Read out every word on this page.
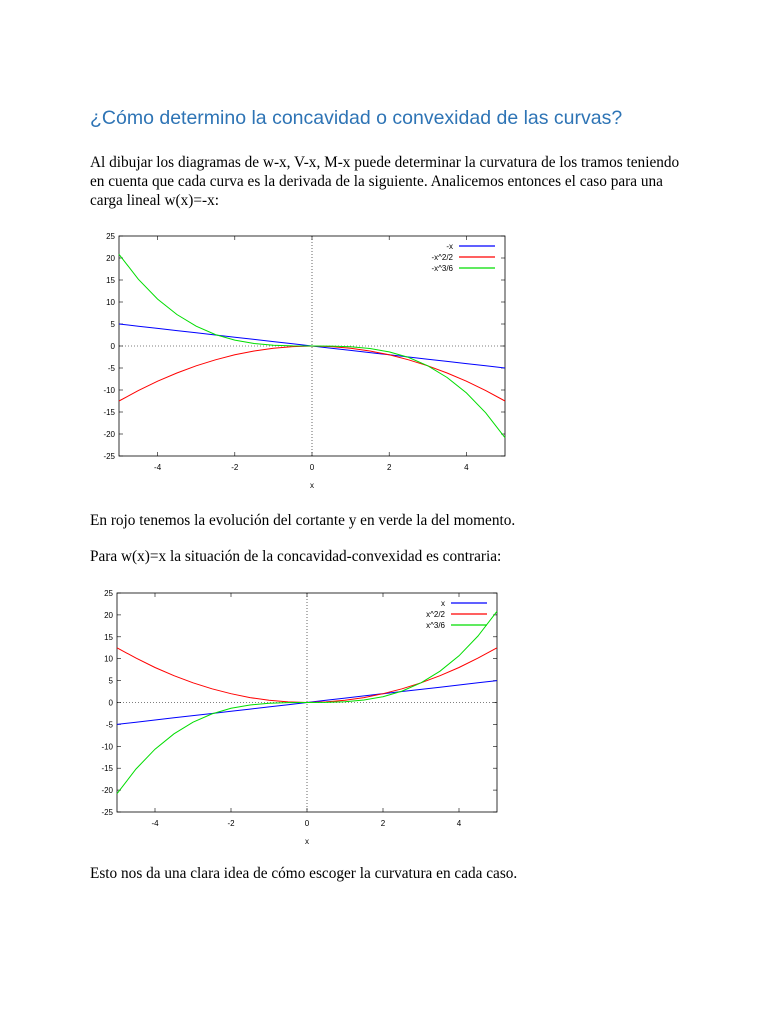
¿Cómo determino la concavidad o convexidad de las curvas?

Al dibujar los diagramas de w-x, V-x, M-x puede determinar la curvatura de los tramos teniendo en cuenta que cada curva es la derivada de la siguiente. Analicemos entonces el caso para una carga lineal w(x)=-x:

25
20
15
10
5
0
-5
-10
-15
-20
-25
-4	-2	0	2	4
x
-x
-x^2/2
-x^3/6

En rojo tenemos la evolución del cortante y en verde la del momento.

Para w(x)=x la situación de la concavidad-convexidad es contraria:

25
20
15
10
5
0
-5
-10
-15
-20
-25
-4	-2	0	2	4
x
x
x^2/2
x^3/6

Esto nos da una clara idea de cómo escoger la curvatura en cada caso.
